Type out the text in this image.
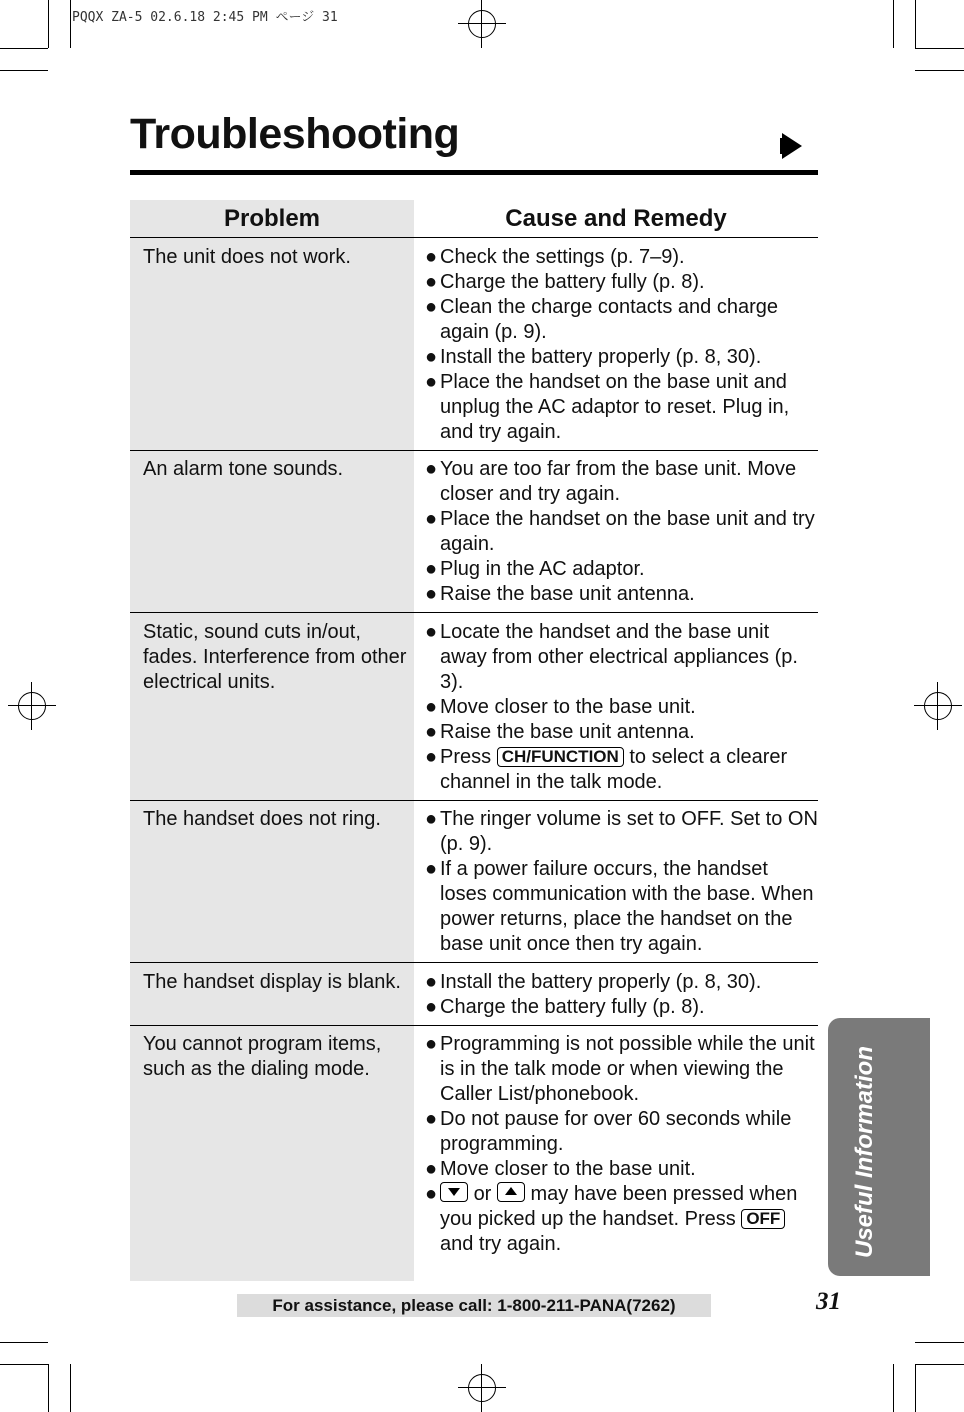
PQQX ZA-5 02.6.18 2:45 PM ページ 31
Troubleshooting
Problem	Cause and Remedy
The unit does not work.	● Check the settings (p. 7–9).
● Charge the battery fully (p. 8).
● Clean the charge contacts and charge again (p. 9).
● Install the battery properly (p. 8, 30).
● Place the handset on the base unit and unplug the AC adaptor to reset. Plug in, and try again.
An alarm tone sounds.	● You are too far from the base unit. Move closer and try again.
● Place the handset on the base unit and try again.
● Plug in the AC adaptor.
● Raise the base unit antenna.
Static, sound cuts in/out, fades. Interference from other electrical units.
● Locate the handset and the base unit away from other electrical appliances (p. 3).
● Move closer to the base unit.
● Raise the base unit antenna.
● Press CH/FUNCTION to select a clearer channel in the talk mode.
The handset does not ring.	● The ringer volume is set to OFF. Set to ON (p. 9).
● If a power failure occurs, the handset loses communication with the base. When power returns, place the handset on the base unit once then try again.
The handset display is blank.	● Install the battery properly (p. 8, 30).
● Charge the battery fully (p. 8).
You cannot program items, such as the dialing mode.
● Programming is not possible while the unit is in the talk mode or when viewing the Caller List/phonebook.
● Do not pause for over 60 seconds while programming.
● Move closer to the base unit.
● or may have been pressed when you picked up the handset. Press OFF and try again.	Useful Information
For assistance, please call: 1-800-211-PANA(7262)	31
